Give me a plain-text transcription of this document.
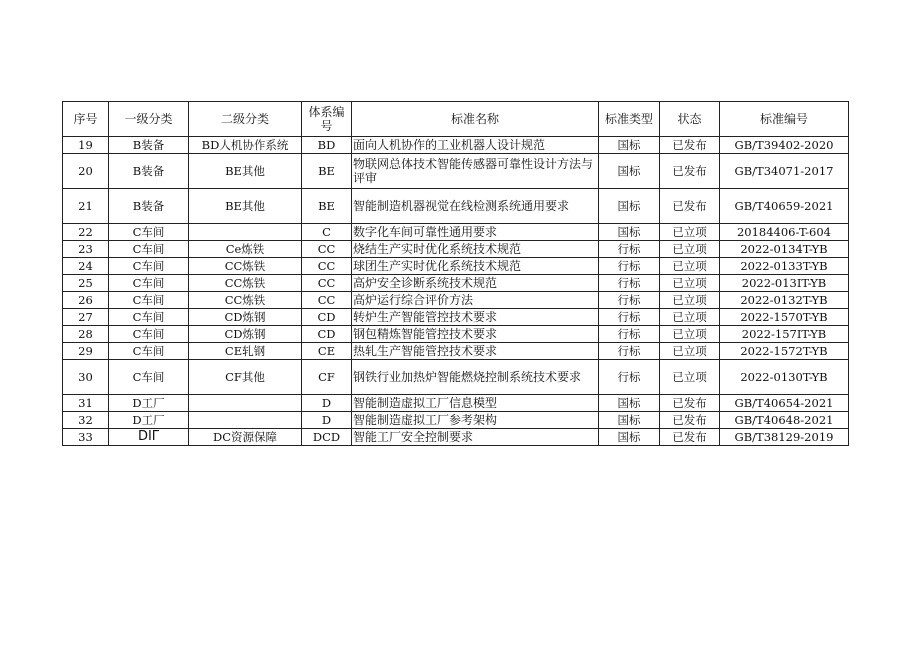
序号	一级分类	二级分类	体系编号	标准名称	标准类型	状态	标准编号
19	B装备	BD人机协作系统	BD	面向人机协作的工业机器人设计规范	国标	已发布	GB/T39402-2020
20	B装备	BE其他	BE	物联网总体技术智能传感器可靠性设计方法与评审	国标	已发布	GB/T34071-2017
21	B装备	BE其他	BE	智能制造机器视觉在线检测系统通用要求	国标	已发布	GB/T40659-2021
22	C车间		C	数字化车间可靠性通用要求	国标	已立项	20184406-T-604
23	C车间	Ce炼铁	CC	烧结生产实时优化系统技术规范	行标	已立项	2022-0134T-YB
24	C车间	CC炼铁	CC	球团生产实时优化系统技术规范	行标	已立项	2022-0133T-YB
25	C车间	CC炼铁	CC	高炉安全诊断系统技术规范	行标	已立项	2022-013IT-YB
26	C车间	CC炼铁	CC	高炉运行综合评价方法	行标	已立项	2022-0132T-YB
27	C车间	CD炼钢	CD	转炉生产智能管控技术要求	行标	已立项	2022-1570T-YB
28	C车间	CD炼钢	CD	钢包精炼智能管控技术要求	行标	已立项	2022-157IT-YB
29	C车间	CE轧钢	CE	热轧生产智能管控技术要求	行标	已立项	2022-1572T-YB
30	C车间	CF其他	CF	钢铁行业加热炉智能燃烧控制系统技术要求	行标	已立项	2022-0130T-YB
31	D工厂		D	智能制造虚拟工厂信息模型	国标	已发布	GB/T40654-2021
32	D工厂		D	智能制造虚拟工厂参考架构	国标	已发布	GB/T40648-2021
33	DIΓ	DC资源保障	DCD	智能工厂安全控制要求	国标	已发布	GB/T38129-2019
